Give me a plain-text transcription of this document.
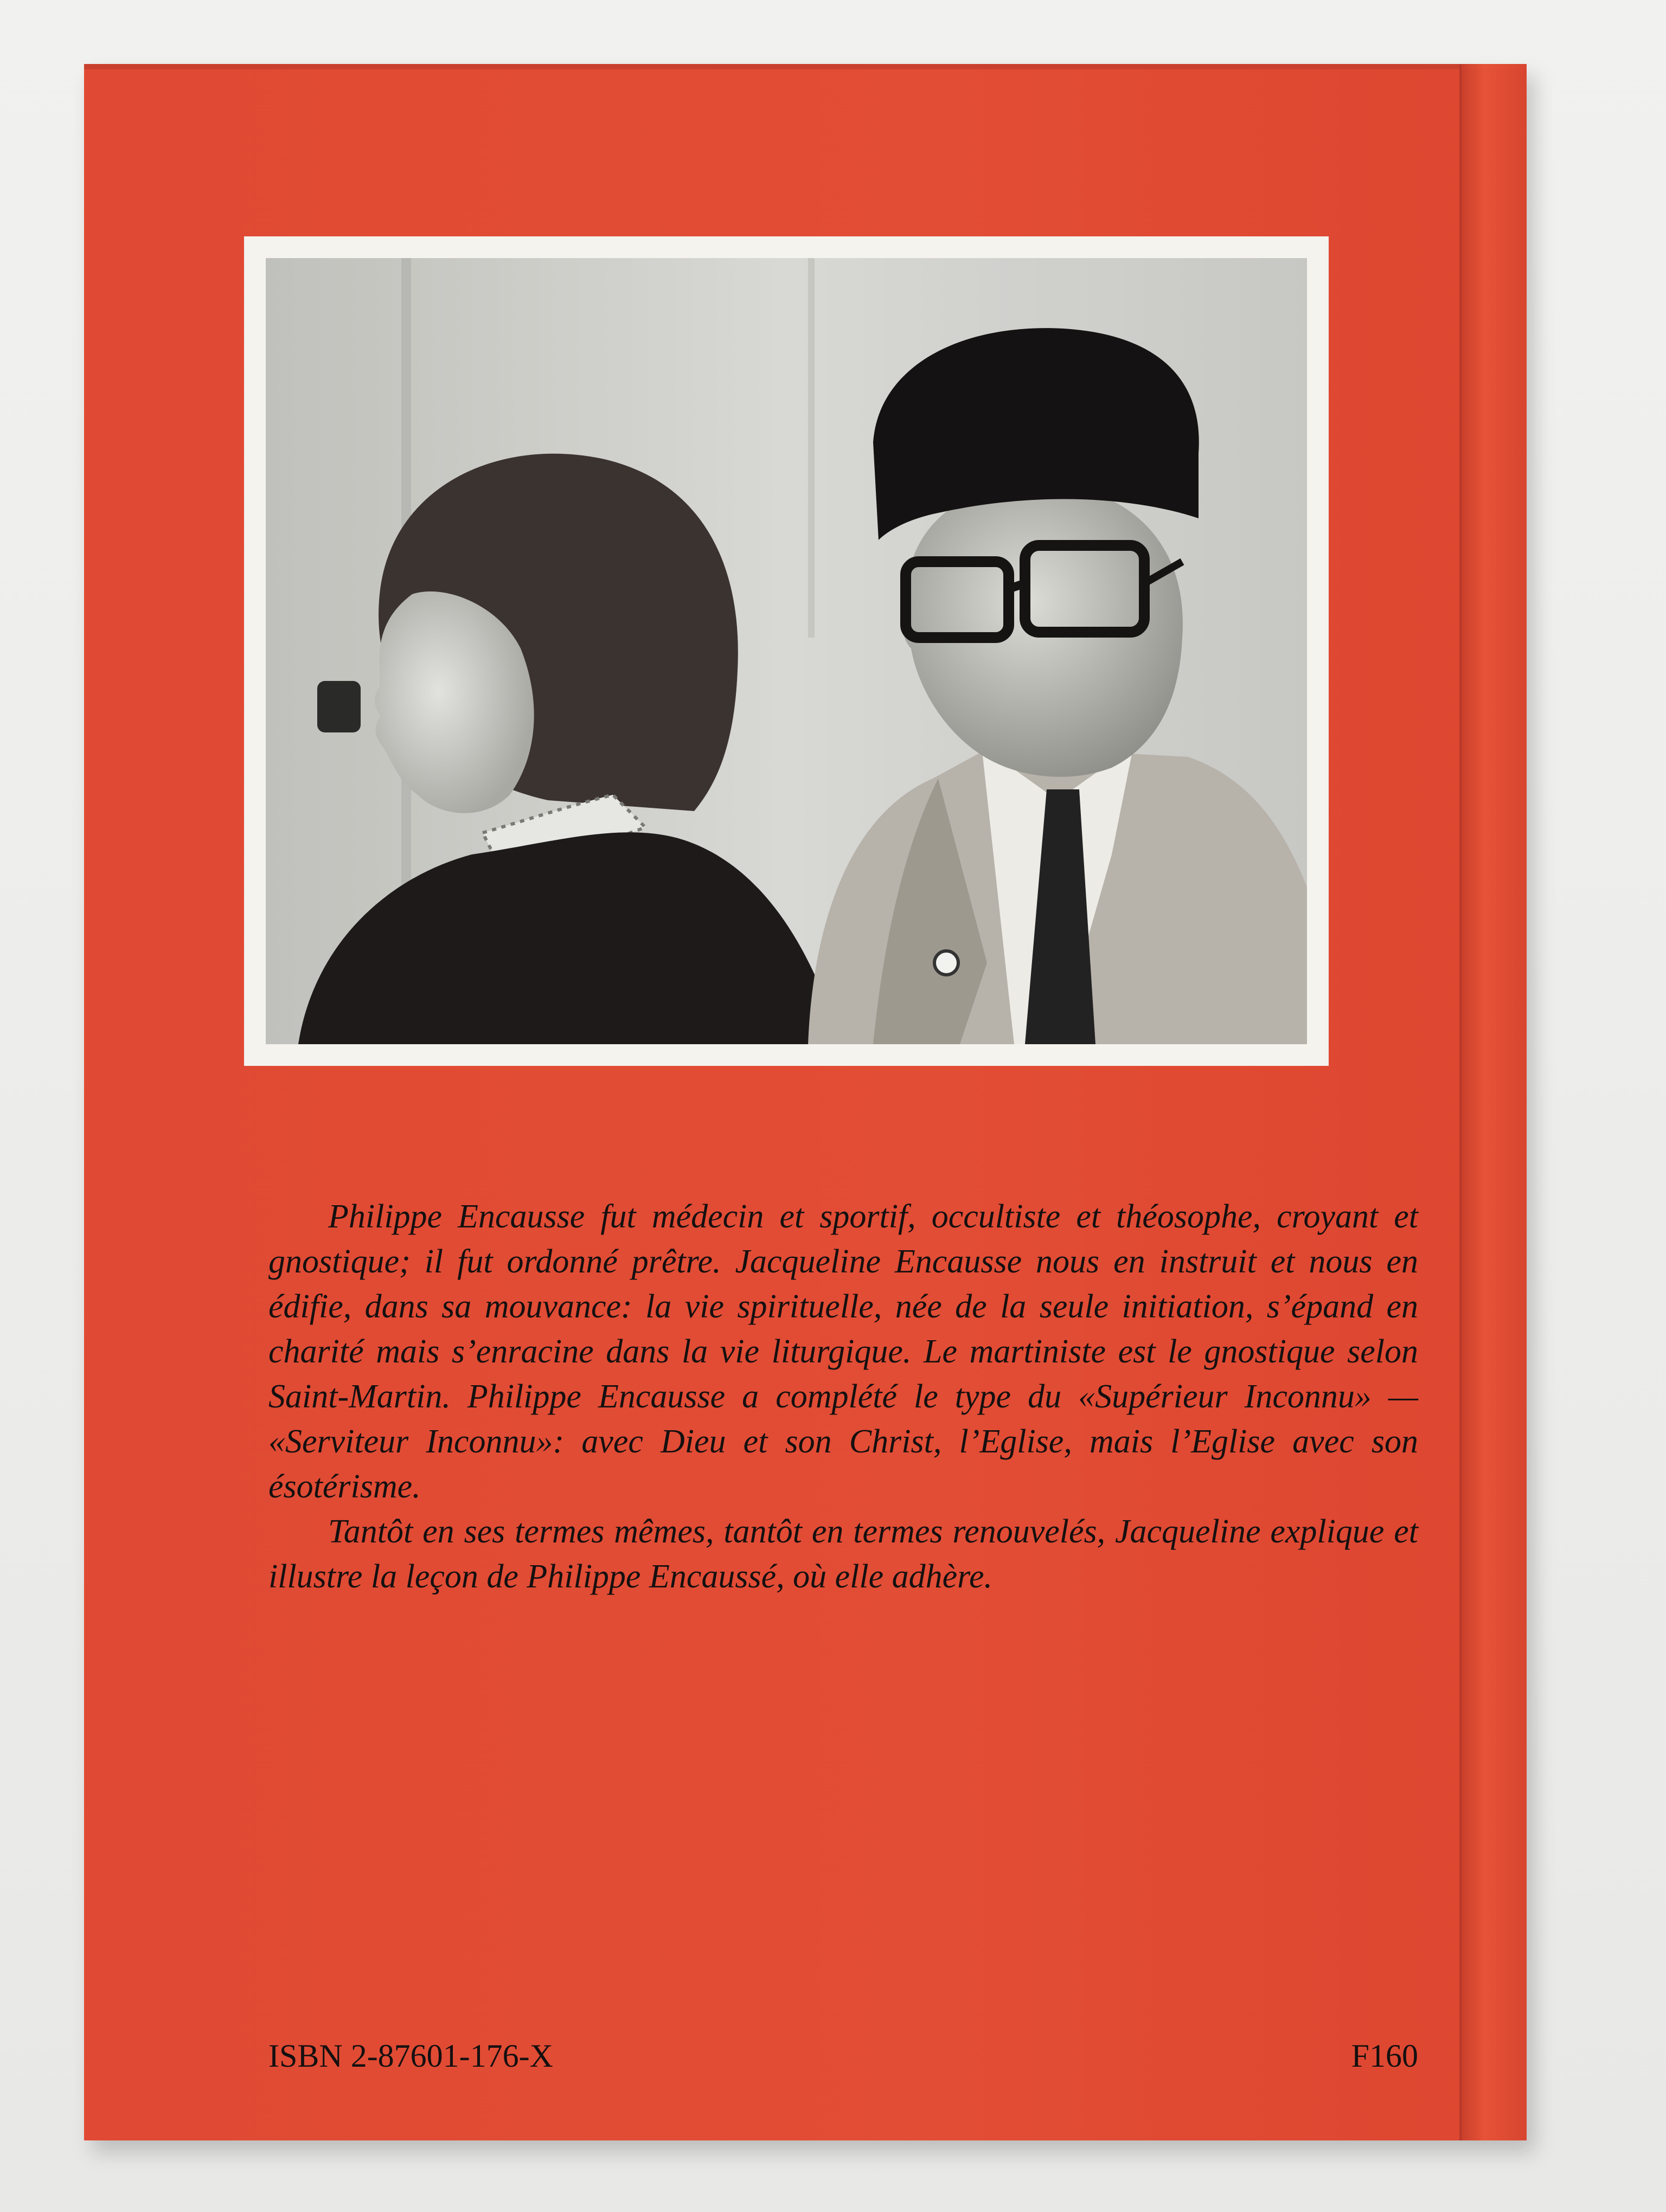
Philippe Encausse fut médecin et sportif, occultiste et théosophe, croyant et gnostique; il fut ordonné prêtre. Jacqueline Encausse nous en instruit et nous en édifie, dans sa mouvance: la vie spirituelle, née de la seule initiation, s’épand en charité mais s’enracine dans la vie liturgique. Le martiniste est le gnostique selon Saint-Martin. Philippe Encausse a complété le type du «Supérieur Inconnu» — «Serviteur Inconnu»: avec Dieu et son Christ, l’Eglise, mais l’Eglise avec son ésotérisme.

Tantôt en ses termes mêmes, tantôt en termes renouvelés, Jacqueline explique et illustre la leçon de Philippe Encaussé, où elle adhère.

ISBN 2-87601-176-X	F160
